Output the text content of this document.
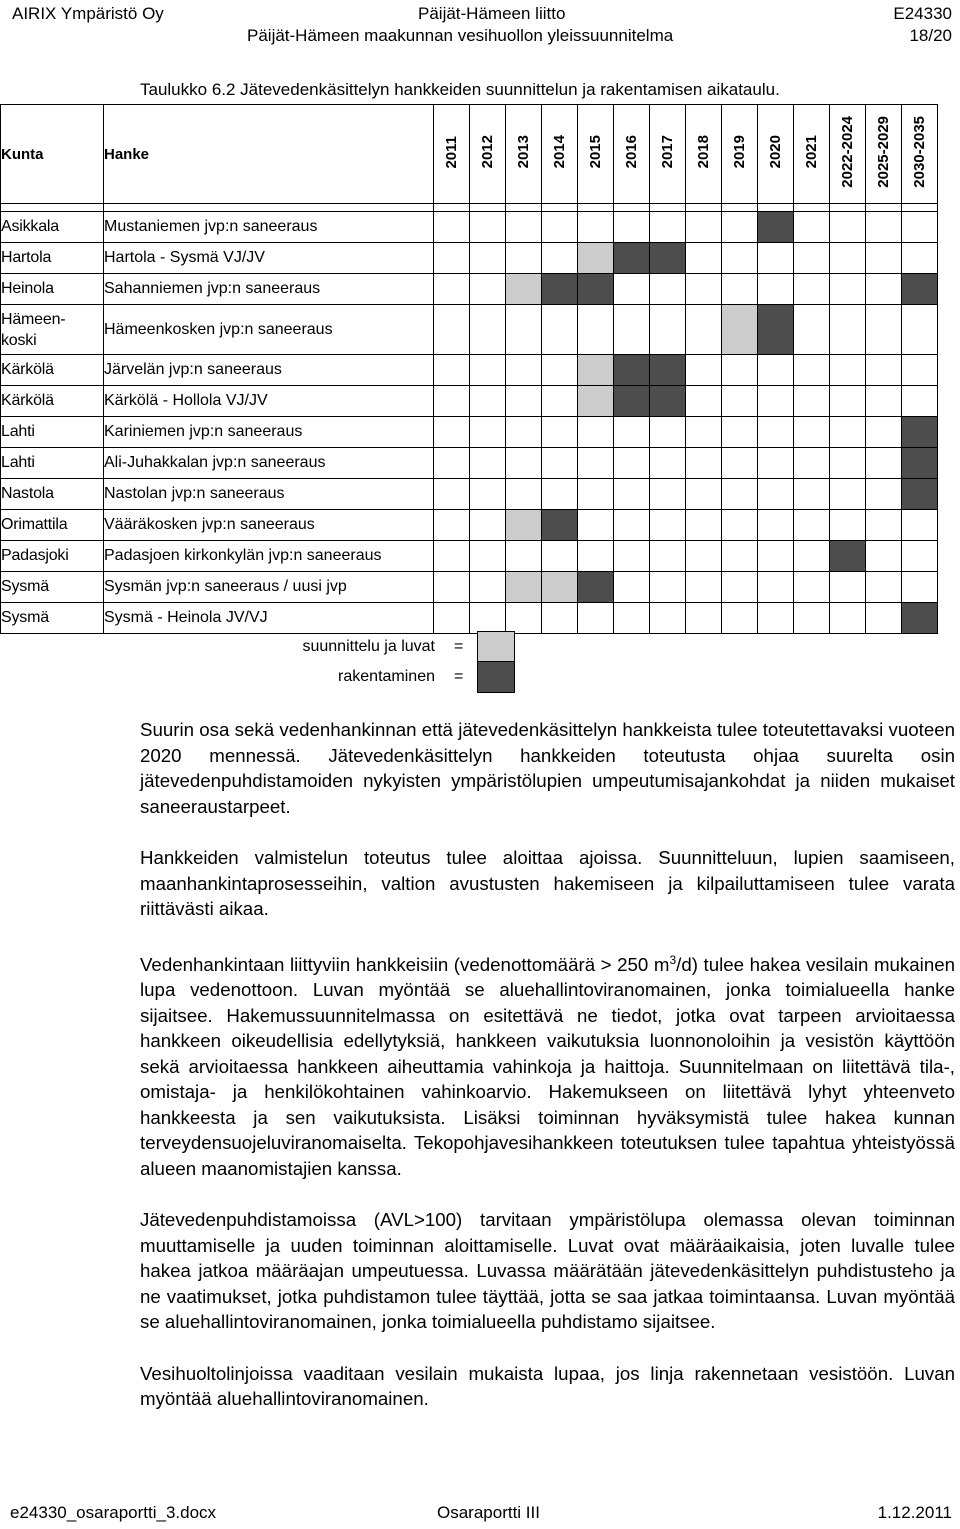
AIRIX Ympäristö Oy	Päijät-Hämeen liitto	E24330
Päijät-Hämeen maakunnan vesihuollon yleissuunnitelma	18/20
Taulukko 6.2 Jätevedenkäsittelyn hankkeiden suunnittelun ja rakentamisen aikataulu.
Kunta	Hanke	2011	2012	2013	2014	2015	2016	2017	2018	2019	2020	2021	2022-2024	2025-2029	2030-2035

Asikkala	Mustaniemen jvp:n saneeraus														
Hartola	Hartola - Sysmä VJ/JV														
Heinola	Sahanniemen jvp:n saneeraus														
Hämeen-
koski	Hämeenkosken jvp:n saneeraus														
Kärkölä	Järvelän jvp:n saneeraus														
Kärkölä	Kärkölä - Hollola VJ/JV														
Lahti	Kariniemen jvp:n saneeraus														
Lahti	Ali-Juhakkalan jvp:n saneeraus														
Nastola	Nastolan jvp:n saneeraus														
Orimattila	Vääräkosken jvp:n saneeraus														
Padasjoki	Padasjoen kirkonkylän jvp:n saneeraus														
Sysmä	Sysmän jvp:n saneeraus / uusi jvp														
Sysmä	Sysmä - Heinola JV/VJ														
suunnittelu ja luvat =
rakentaminen =

Suurin osa sekä vedenhankinnan että jätevedenkäsittelyn hankkeista tulee toteutettavaksi vuoteen 2020 mennessä. Jätevedenkäsittelyn hankkeiden toteutusta ohjaa suurelta osin jätevedenpuhdistamoiden nykyisten ympäristölupien umpeutumisajankohdat ja niiden mukaiset saneeraustarpeet.

Hankkeiden valmistelun toteutus tulee aloittaa ajoissa. Suunnitteluun, lupien saamiseen, maanhankintaprosesseihin, valtion avustusten hakemiseen ja kilpailuttamiseen tulee varata riittävästi aikaa.

Vedenhankintaan liittyviin hankkeisiin (vedenottomäärä > 250 $m^3/d$) tulee hakea vesilain mukainen lupa vedenottoon. Luvan myöntää se aluehallintoviranomainen, jonka toimialueella hanke sijaitsee. Hakemussuunnitelmassa on esitettävä ne tiedot, jotka ovat tarpeen arvioitaessa hankkeen oikeudellisia edellytyksiä, hankkeen vaikutuksia luonnonoloihin ja vesistön käyttöön sekä arvioitaessa hankkeen aiheuttamia vahinkoja ja haittoja. Suunnitelmaan on liitettävä tila-, omistaja- ja henkilökohtainen vahinkoarvio. Hakemukseen on liitettävä lyhyt yhteenveto hankkeesta ja sen vaikutuksista. Lisäksi toiminnan hyväksymistä tulee hakea kunnan terveydensuojeluviranomaiselta. Tekopohjavesihankkeen toteutuksen tulee tapahtua yhteistyössä alueen maanomistajien kanssa.

Jätevedenpuhdistamoissa (AVL>100) tarvitaan ympäristölupa olemassa olevan toiminnan muuttamiselle ja uuden toiminnan aloittamiselle. Luvat ovat määräaikaisia, joten luvalle tulee hakea jatkoa määräajan umpeutuessa. Luvassa määrätään jätevedenkäsittelyn puhdistusteho ja ne vaatimukset, jotka puhdistamon tulee täyttää, jotta se saa jatkaa toimintaansa. Luvan myöntää se aluehallintoviranomainen, jonka toimialueella puhdistamo sijaitsee.

Vesihuoltolinjoissa vaaditaan vesilain mukaista lupaa, jos linja rakennetaan vesistöön. Luvan myöntää aluehallintoviranomainen.

e24330_osaraportti_3.docx	Osaraportti III	1.12.2011
